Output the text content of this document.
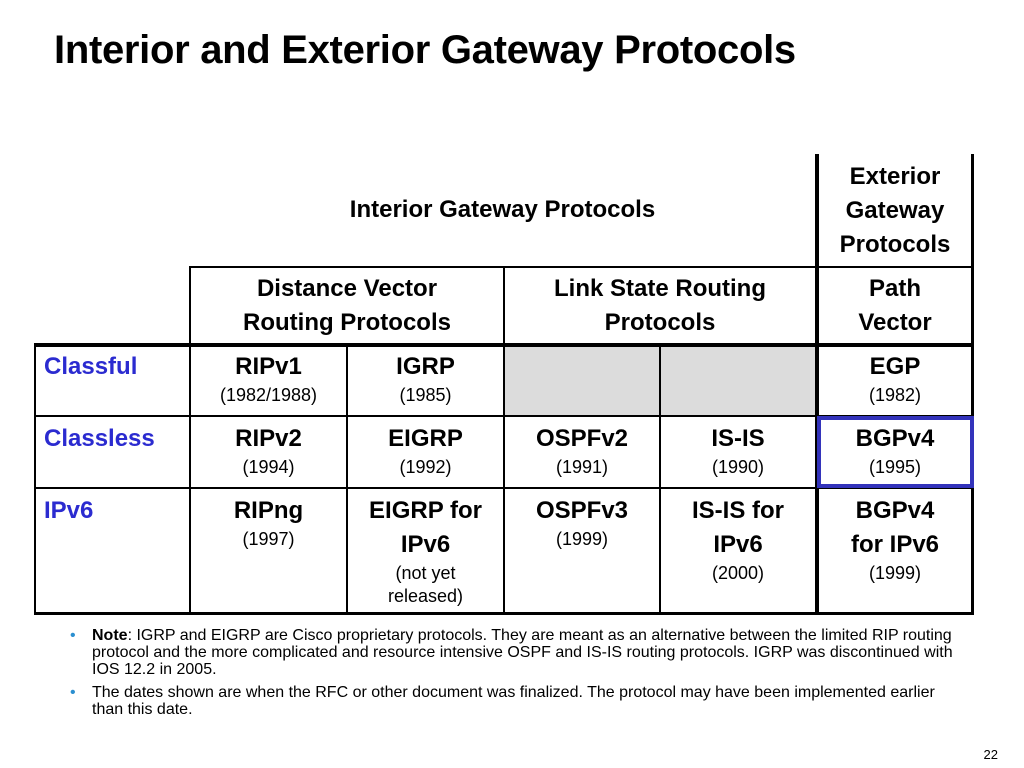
Interior and Exterior Gateway Protocols
Interior Gateway Protocols
Exterior
Gateway
Protocols
Distance Vector
Routing Protocols
Link State Routing
Protocols
Path
Vector
Classful
Classless
IPv6
RIPv1
(1982/1988)
IGRP
(1985)
EGP
(1982)
RIPv2
(1994)
EIGRP
(1992)
OSPFv2
(1991)
IS-IS
(1990)
BGPv4
(1995)
RIPng
(1997)
EIGRP for
IPv6
(not yet
released)
OSPFv3
(1999)
IS-IS for
IPv6
(2000)
BGPv4
for IPv6
(1999)
• Note: IGRP and EIGRP are Cisco proprietary protocols. They are meant as an alternative between the limited RIP routing protocol and the more complicated and resource intensive OSPF and IS-IS routing protocols. IGRP was discontinued with IOS 12.2 in 2005.
• The dates shown are when the RFC or other document was finalized. The protocol may have been implemented earlier than this date.
22
